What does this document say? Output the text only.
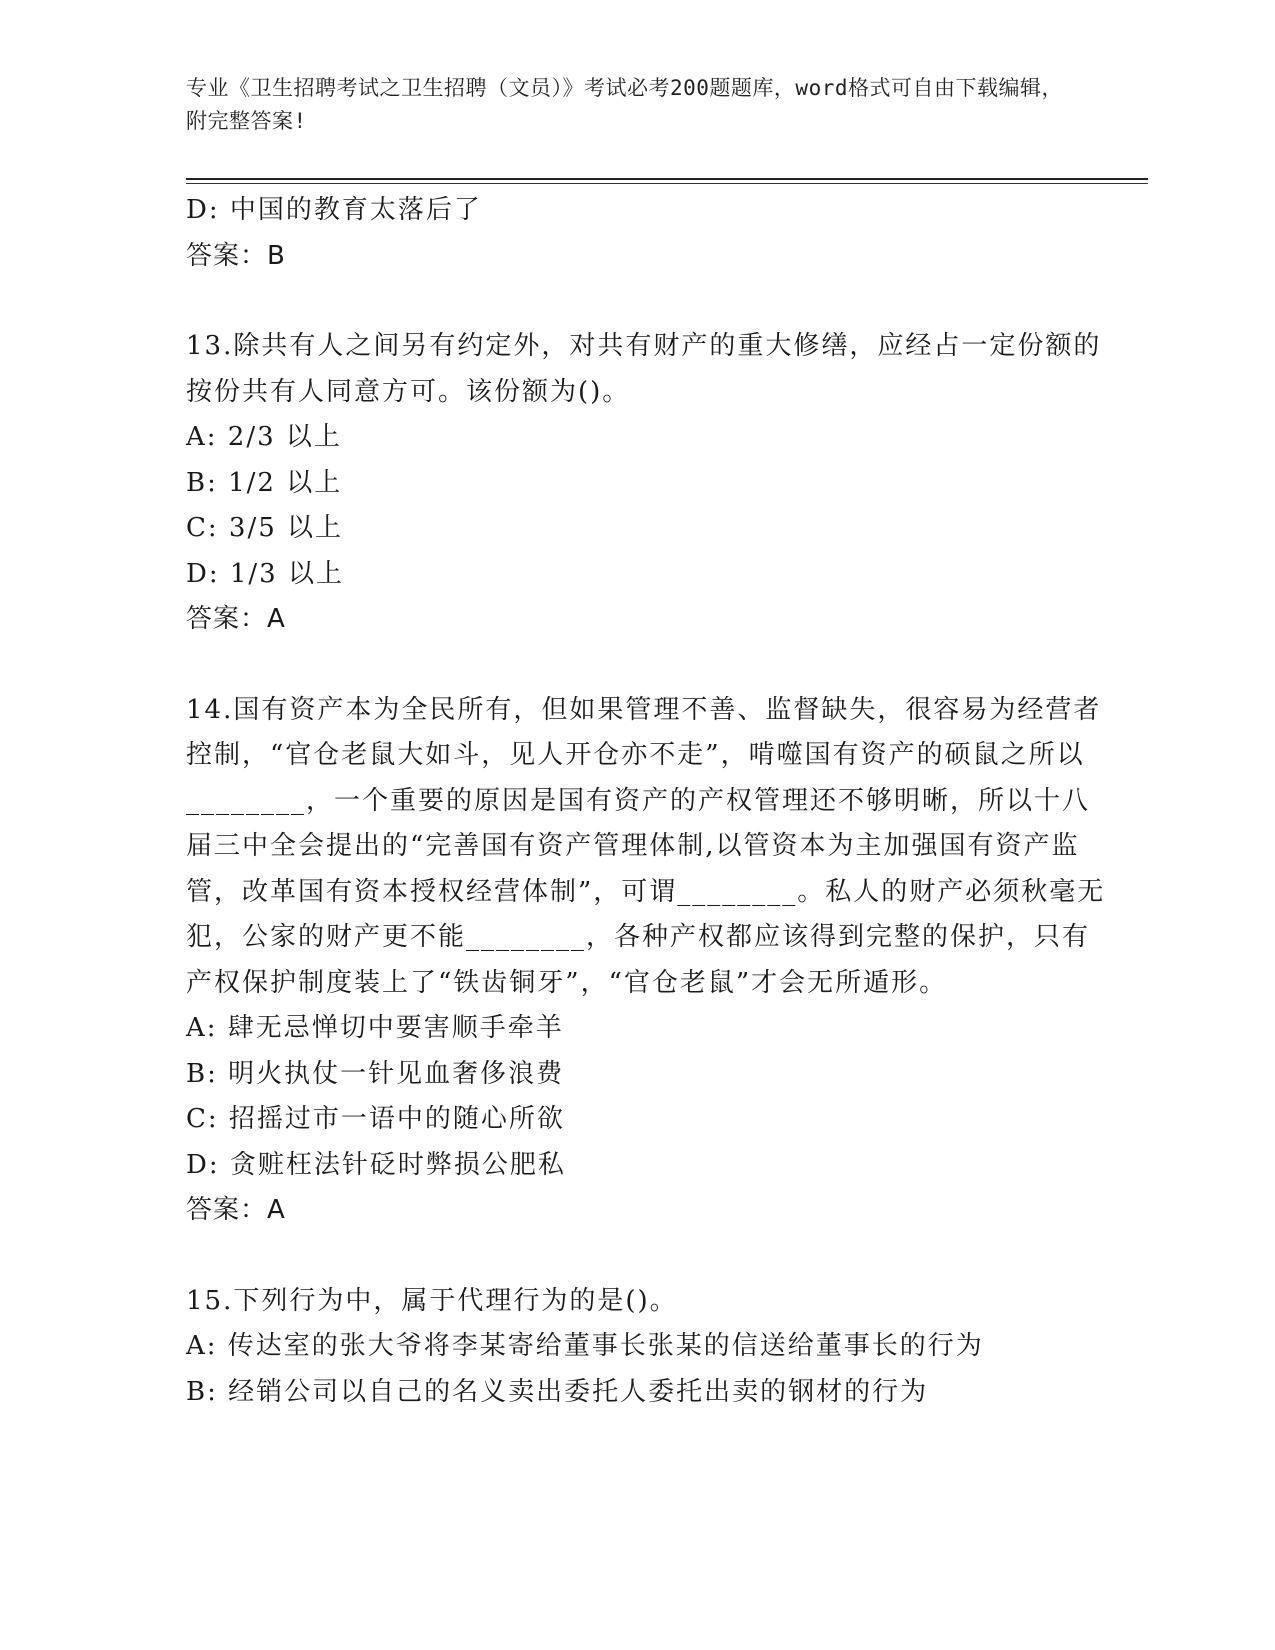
专业《卫生招聘考试之卫生招聘（文员）》考试必考200题题库，word格式可自由下载编辑，附完整答案!
D: 中国的教育太落后了
答案：B
13.除共有人之间另有约定外，对共有财产的重大修缮，应经占一定份额的按份共有人同意方可。该份额为()。
A: 2/3 以上
B: 1/2 以上
C: 3/5 以上
D: 1/3 以上
答案：A
14.国有资产本为全民所有，但如果管理不善、监督缺失，很容易为经营者控制，“官仓老鼠大如斗，见人开仓亦不走”，啃噬国有资产的硕鼠之所以________，一个重要的原因是国有资产的产权管理还不够明晰，所以十八届三中全会提出的“完善国有资产管理体制,以管资本为主加强国有资产监管，改革国有资本授权经营体制”，可谓________。私人的财产必须秋毫无犯，公家的财产更不能________，各种产权都应该得到完整的保护，只有产权保护制度装上了“铁齿铜牙”，“官仓老鼠”才会无所遁形。
A: 肆无忌惮切中要害顺手牵羊
B: 明火执仗一针见血奢侈浪费
C: 招摇过市一语中的随心所欲
D: 贪赃枉法针砭时弊损公肥私
答案：A
15.下列行为中，属于代理行为的是()。
A: 传达室的张大爷将李某寄给董事长张某的信送给董事长的行为
B: 经销公司以自己的名义卖出委托人委托出卖的钢材的行为
